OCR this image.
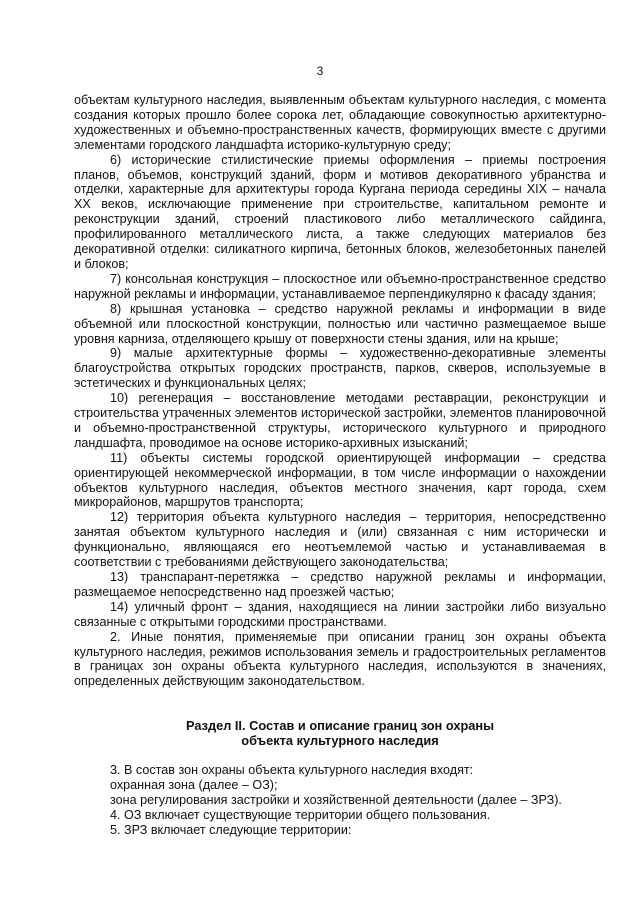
3

объектам культурного наследия, выявленным объектам культурного наследия, с момента создания которых прошло более сорока лет, обладающие совокупностью архитектурно-художественных и объемно-пространственных качеств, формирующих вместе с другими элементами городского ландшафта историко-культурную среду;

6) исторические стилистические приемы оформления – приемы построения планов, объемов, конструкций зданий, форм и мотивов декоративного убранства и отделки, характерные для архитектуры города Кургана периода середины XIX – начала XX веков, исключающие применение при строительстве, капитальном ремонте и реконструкции зданий, строений пластикового либо металлического сайдинга, профилированного металлического листа, а также следующих материалов без декоративной отделки: силикатного кирпича, бетонных блоков, железобетонных панелей и блоков;

7) консольная конструкция – плоскостное или объемно-пространственное средство наружной рекламы и информации, устанавливаемое перпендикулярно к фасаду здания;

8) крышная установка – средство наружной рекламы и информации в виде объемной или плоскостной конструкции, полностью или частично размещаемое выше уровня карниза, отделяющего крышу от поверхности стены здания, или на крыше;

9) малые архитектурные формы – художественно-декоративные элементы благоустройства открытых городских пространств, парков, скверов, используемые в эстетических и функциональных целях;

10) регенерация – восстановление методами реставрации, реконструкции и строительства утраченных элементов исторической застройки, элементов планировочной и объемно-пространственной структуры, исторического культурного и природного ландшафта, проводимое на основе историко-архивных изысканий;

11) объекты системы городской ориентирующей информации – средства ориентирующей некоммерческой информации, в том числе информации о нахождении объектов культурного наследия, объектов местного значения, карт города, схем микрорайонов, маршрутов транспорта;

12) территория объекта культурного наследия – территория, непосредственно занятая объектом культурного наследия и (или) связанная с ним исторически и функционально, являющаяся его неотъемлемой частью и устанавливаемая в соответствии с требованиями действующего законодательства;

13) транспарант-перетяжка – средство наружной рекламы и информации, размещаемое непосредственно над проезжей частью;

14) уличный фронт – здания, находящиеся на линии застройки либо визуально связанные с открытыми городскими пространствами.

2. Иные понятия, применяемые при описании границ зон охраны объекта культурного наследия, режимов использования земель и градостроительных регламентов в границах зон охраны объекта культурного наследия, используются в значениях, определенных действующим законодательством.

Раздел II. Состав и описание границ зон охраны
объекта культурного наследия

3. В состав зон охраны объекта культурного наследия входят:

охранная зона (далее – ОЗ);

зона регулирования застройки и хозяйственной деятельности (далее – ЗРЗ).

4. ОЗ включает существующие территории общего пользования.

5. ЗРЗ включает следующие территории:
